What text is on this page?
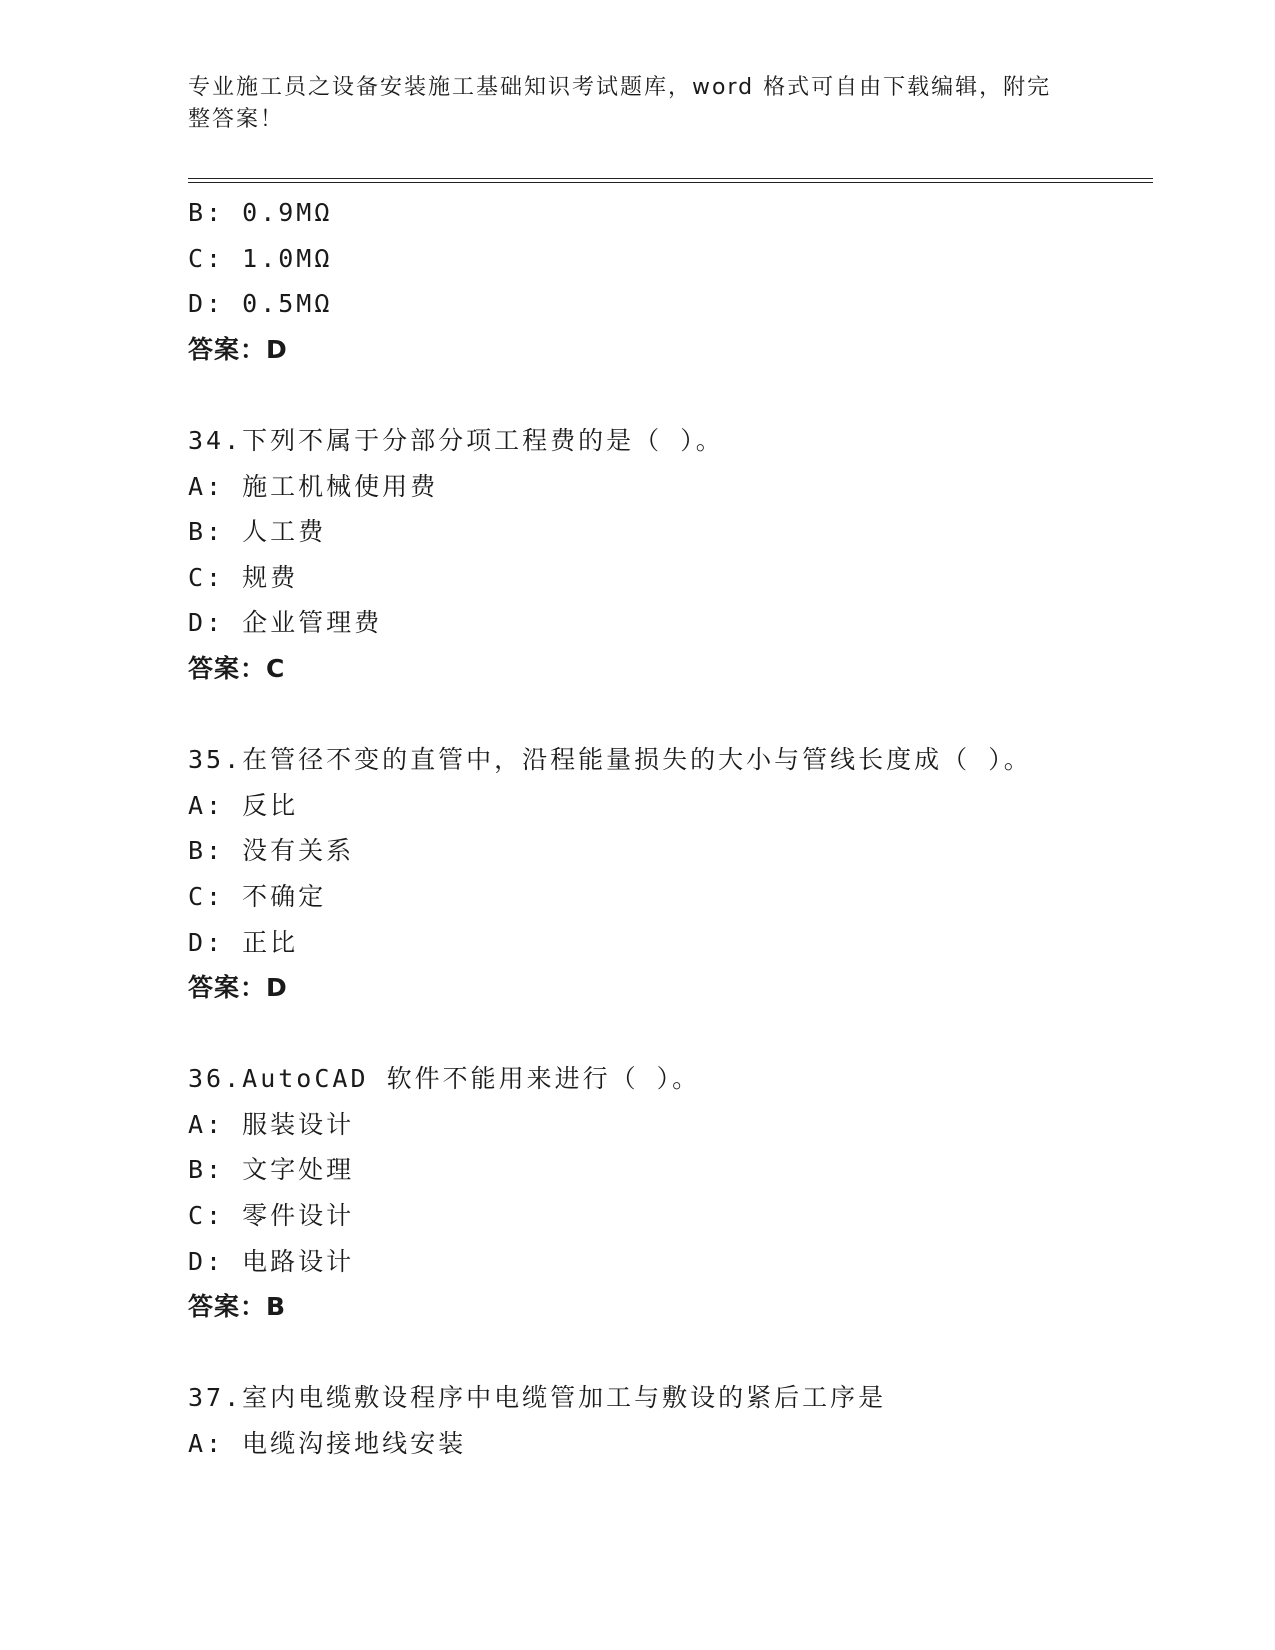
专业施工员之设备安装施工基础知识考试题库，word 格式可自由下载编辑，附完
整答案！
B: 0.9MΩ
C: 1.0MΩ
D: 0.5MΩ
答案：D
34.下列不属于分部分项工程费的是（ ）。
A: 施工机械使用费
B: 人工费
C: 规费
D: 企业管理费
答案：C
35.在管径不变的直管中，沿程能量损失的大小与管线长度成（ ）。
A: 反比
B: 没有关系
C: 不确定
D: 正比
答案：D
36.AutoCAD 软件不能用来进行（ ）。
A: 服装设计
B: 文字处理
C: 零件设计
D: 电路设计
答案：B
37.室内电缆敷设程序中电缆管加工与敷设的紧后工序是
A: 电缆沟接地线安装
